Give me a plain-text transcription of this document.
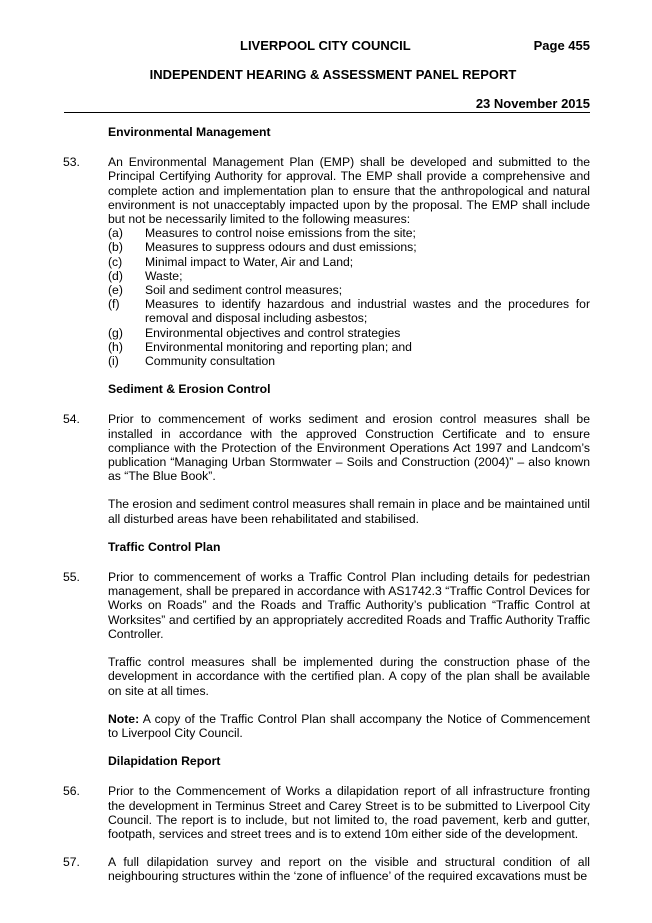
LIVERPOOL CITY COUNCIL	Page 455
INDEPENDENT HEARING & ASSESSMENT PANEL REPORT
23 November 2015
Environmental Management
53.	An Environmental Management Plan (EMP) shall be developed and submitted to the Principal Certifying Authority for approval. The EMP shall provide a comprehensive and complete action and implementation plan to ensure that the anthropological and natural environment is not unacceptably impacted upon by the proposal. The EMP shall include but not be necessarily limited to the following measures:

(a)	Measures to control noise emissions from the site;
(b)	Measures to suppress odours and dust emissions;
(c)	Minimal impact to Water, Air and Land;
(d)	Waste;
(e)	Soil and sediment control measures;
(f)	Measures to identify hazardous and industrial wastes and the procedures for removal and disposal including asbestos;
(g)	Environmental objectives and control strategies
(h)	Environmental monitoring and reporting plan; and
(i)	Community consultation
Sediment & Erosion Control
54.	Prior to commencement of works sediment and erosion control measures shall be installed in accordance with the approved Construction Certificate and to ensure compliance with the Protection of the Environment Operations Act 1997 and Landcom’s publication “Managing Urban Stormwater – Soils and Construction (2004)” – also known as “The Blue Book”.
The erosion and sediment control measures shall remain in place and be maintained until all disturbed areas have been rehabilitated and stabilised.
Traffic Control Plan
55.	Prior to commencement of works a Traffic Control Plan including details for pedestrian management, shall be prepared in accordance with AS1742.3 “Traffic Control Devices for Works on Roads” and the Roads and Traffic Authority’s publication “Traffic Control at Worksites” and certified by an appropriately accredited Roads and Traffic Authority Traffic Controller.
Traffic control measures shall be implemented during the construction phase of the development in accordance with the certified plan. A copy of the plan shall be available on site at all times.
Note: A copy of the Traffic Control Plan shall accompany the Notice of Commencement to Liverpool City Council.
Dilapidation Report
56.	Prior to the Commencement of Works a dilapidation report of all infrastructure fronting the development in Terminus Street and Carey Street is to be submitted to Liverpool City Council. The report is to include, but not limited to, the road pavement, kerb and gutter, footpath, services and street trees and is to extend 10m either side of the development.
57.	A full dilapidation survey and report on the visible and structural condition of all neighbouring structures within the ‘zone of influence’ of the required excavations must be
